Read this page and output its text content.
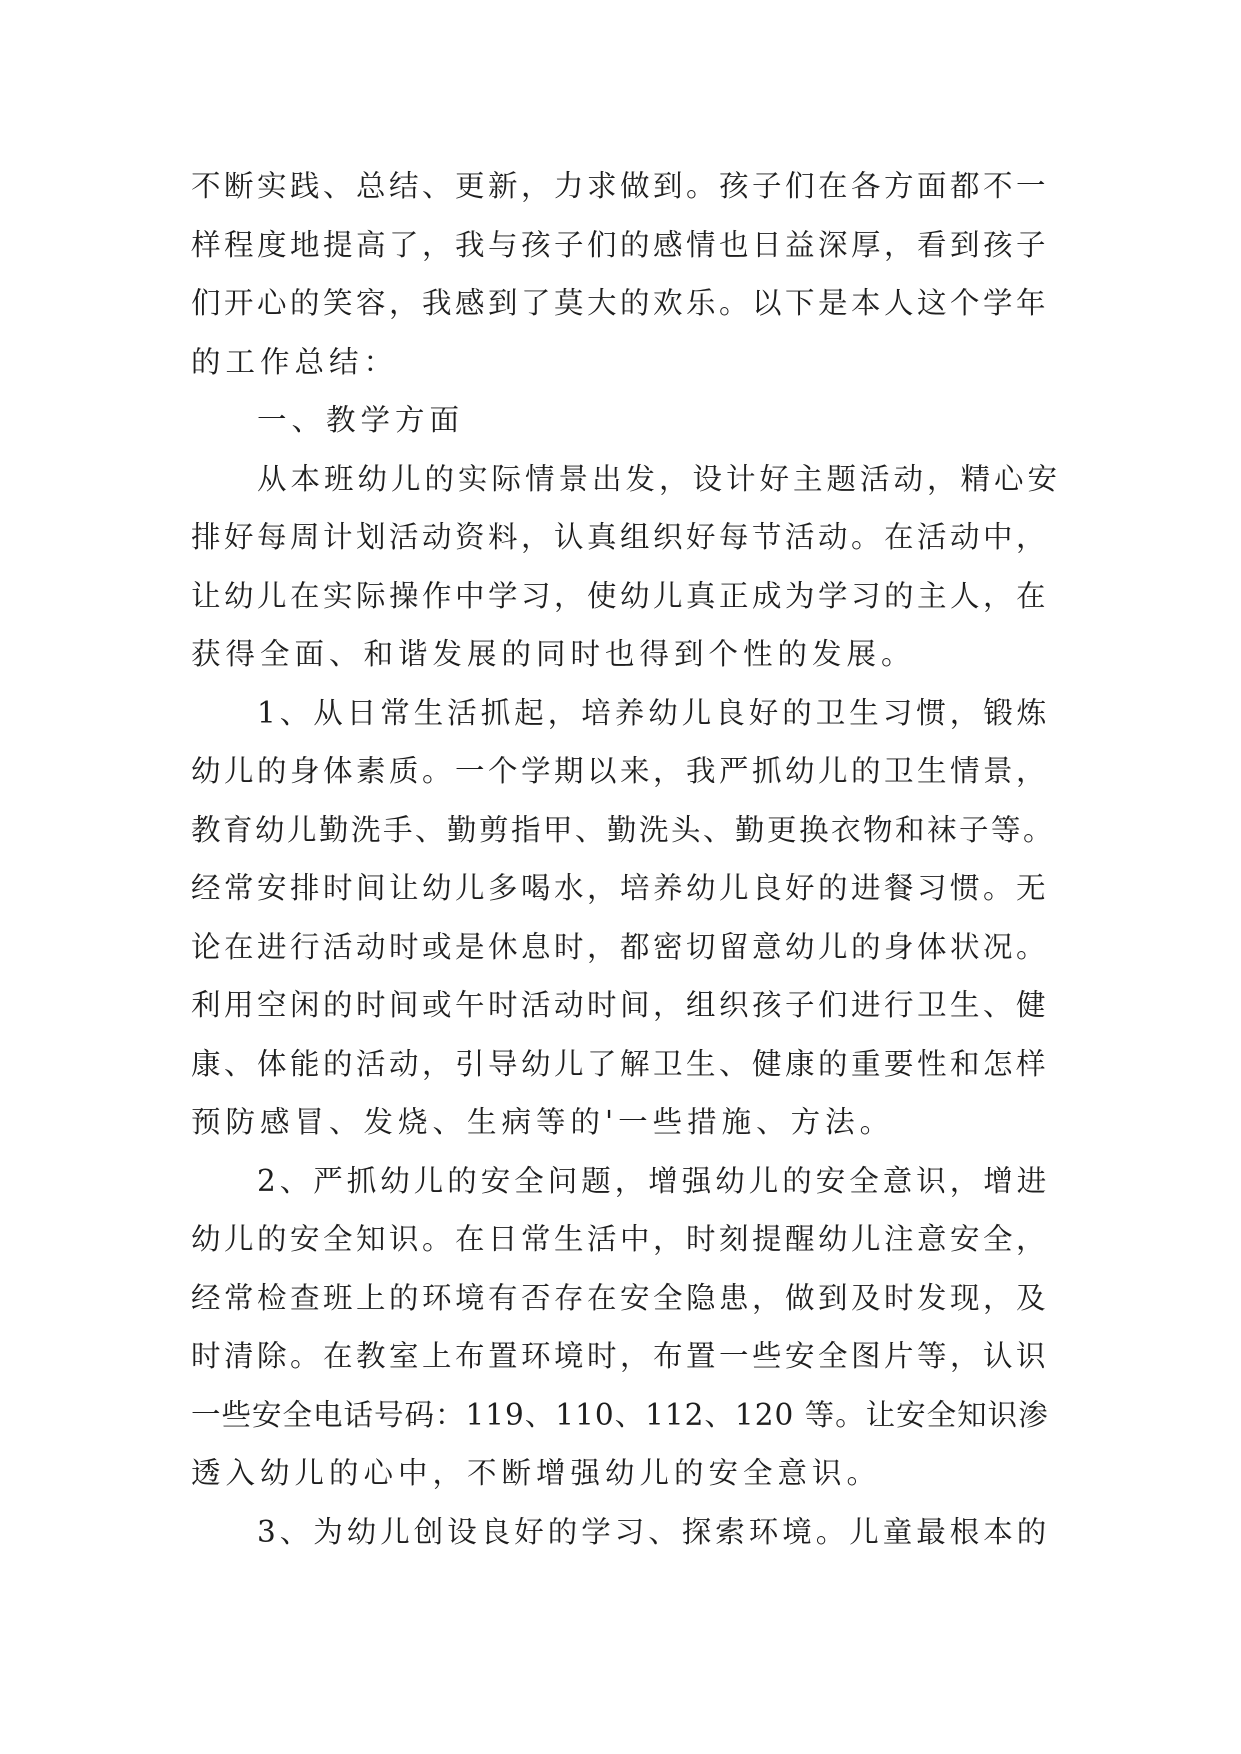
不断实践、总结、更新，力求做到。孩子们在各方面都不一
样程度地提高了，我与孩子们的感情也日益深厚，看到孩子
们开心的笑容，我感到了莫大的欢乐。以下是本人这个学年
的工作总结：
一、教学方面
从本班幼儿的实际情景出发，设计好主题活动，精心安
排好每周计划活动资料，认真组织好每节活动。在活动中，
让幼儿在实际操作中学习，使幼儿真正成为学习的主人，在
获得全面、和谐发展的同时也得到个性的发展。
1、从日常生活抓起，培养幼儿良好的卫生习惯，锻炼
幼儿的身体素质。一个学期以来，我严抓幼儿的卫生情景，
教育幼儿勤洗手、勤剪指甲、勤洗头、勤更换衣物和袜子等。
经常安排时间让幼儿多喝水，培养幼儿良好的进餐习惯。无
论在进行活动时或是休息时，都密切留意幼儿的身体状况。
利用空闲的时间或午时活动时间，组织孩子们进行卫生、健
康、体能的活动，引导幼儿了解卫生、健康的重要性和怎样
预防感冒、发烧、生病等的'一些措施、方法。
2、严抓幼儿的安全问题，增强幼儿的安全意识，增进
幼儿的安全知识。在日常生活中，时刻提醒幼儿注意安全，
经常检查班上的环境有否存在安全隐患，做到及时发现，及
时清除。在教室上布置环境时，布置一些安全图片等，认识
一些安全电话号码：119、110、112、120 等。让安全知识渗
透入幼儿的心中，不断增强幼儿的安全意识。
3、为幼儿创设良好的学习、探索环境。儿童最根本的
